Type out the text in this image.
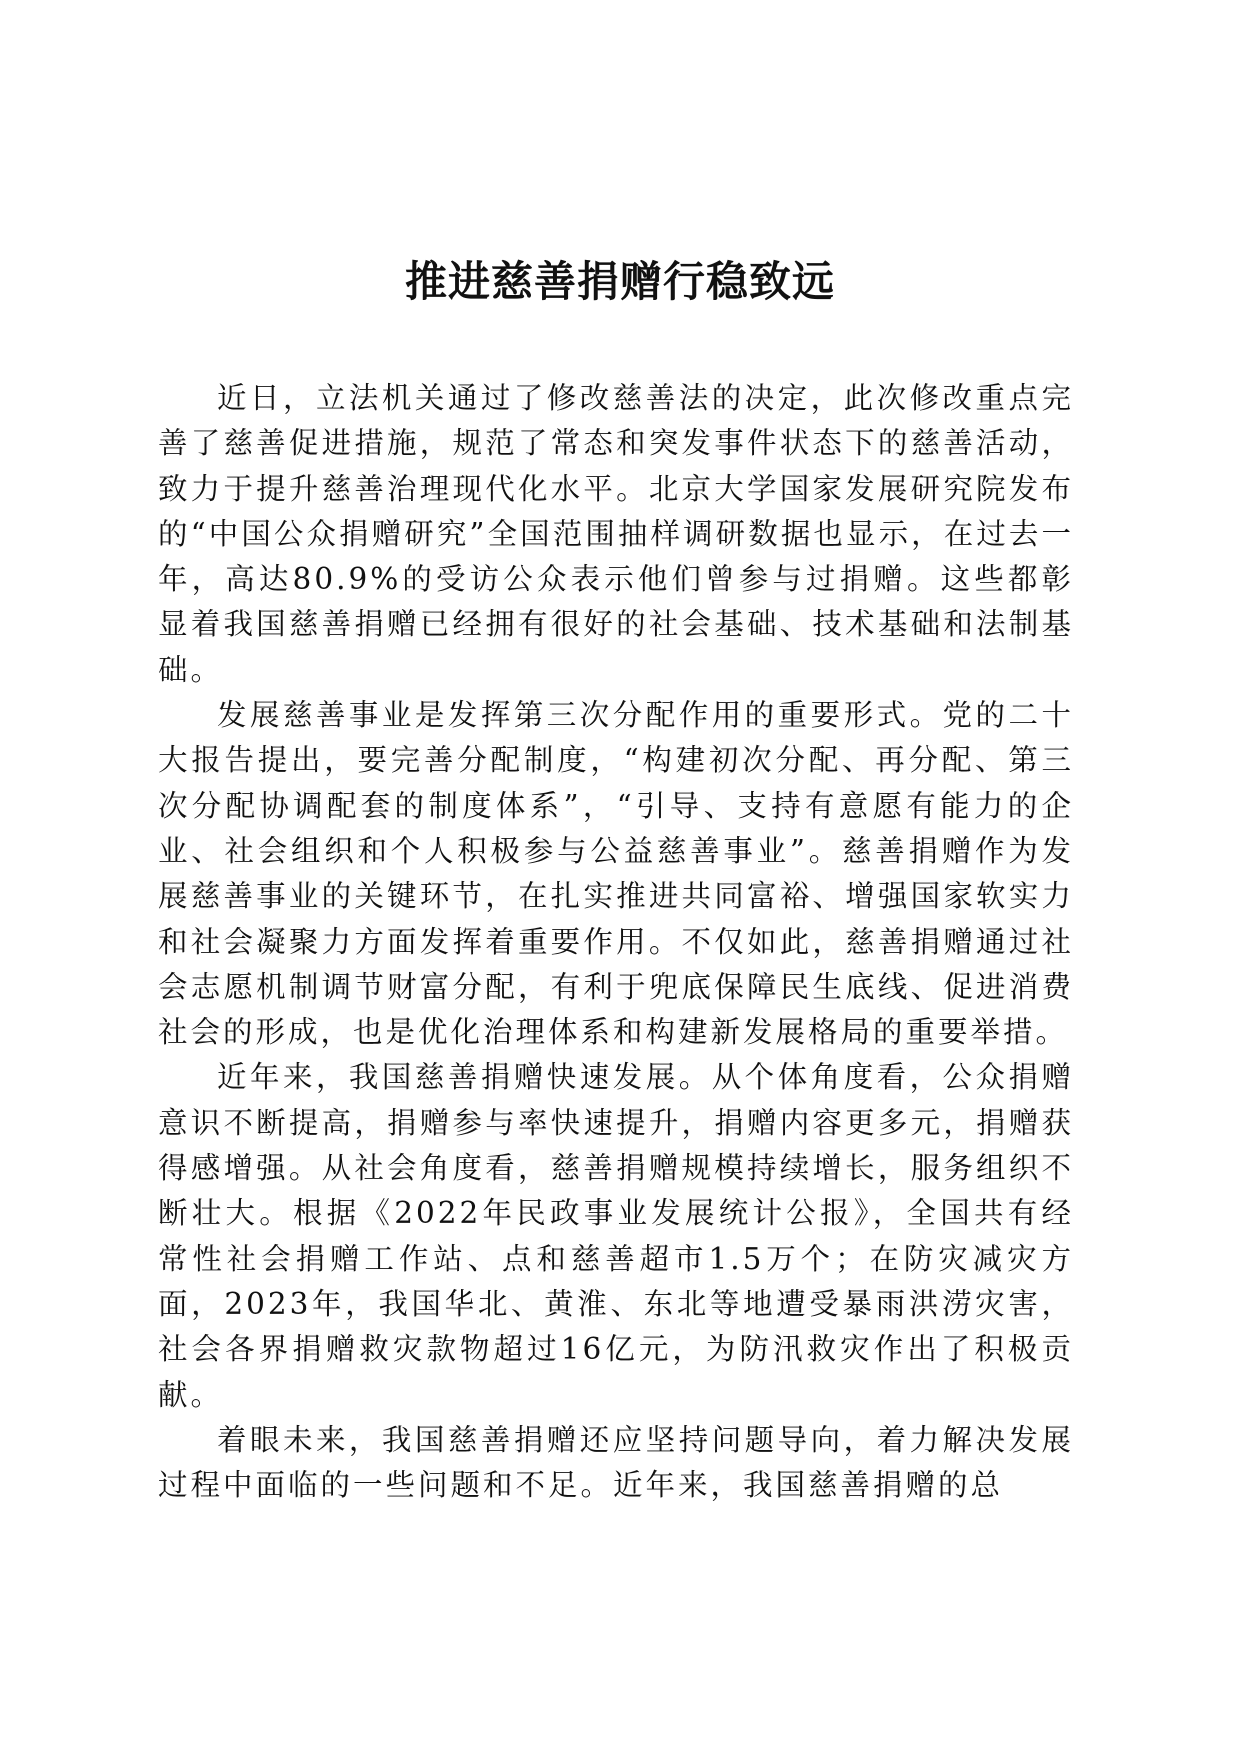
推进慈善捐赠行稳致远

近日，立法机关通过了修改慈善法的决定，此次修改重点完善了慈善促进措施，规范了常态和突发事件状态下的慈善活动，致力于提升慈善治理现代化水平。北京大学国家发展研究院发布的“中国公众捐赠研究”全国范围抽样调研数据也显示，在过去一年，高达80.9%的受访公众表示他们曾参与过捐赠。这些都彰显着我国慈善捐赠已经拥有很好的社会基础、技术基础和法制基础。

发展慈善事业是发挥第三次分配作用的重要形式。党的二十大报告提出，要完善分配制度，“构建初次分配、再分配、第三次分配协调配套的制度体系”，“引导、支持有意愿有能力的企业、社会组织和个人积极参与公益慈善事业”。慈善捐赠作为发展慈善事业的关键环节，在扎实推进共同富裕、增强国家软实力和社会凝聚力方面发挥着重要作用。不仅如此，慈善捐赠通过社会志愿机制调节财富分配，有利于兜底保障民生底线、促进消费社会的形成，也是优化治理体系和构建新发展格局的重要举措。

近年来，我国慈善捐赠快速发展。从个体角度看，公众捐赠意识不断提高，捐赠参与率快速提升，捐赠内容更多元，捐赠获得感增强。从社会角度看，慈善捐赠规模持续增长，服务组织不断壮大。根据《2022年民政事业发展统计公报》，全国共有经常性社会捐赠工作站、点和慈善超市1.5万个；在防灾减灾方面，2023年，我国华北、黄淮、东北等地遭受暴雨洪涝灾害，社会各界捐赠救灾款物超过16亿元，为防汛救灾作出了积极贡献。

着眼未来，我国慈善捐赠还应坚持问题导向，着力解决发展过程中面临的一些问题和不足。近年来，我国慈善捐赠的总
